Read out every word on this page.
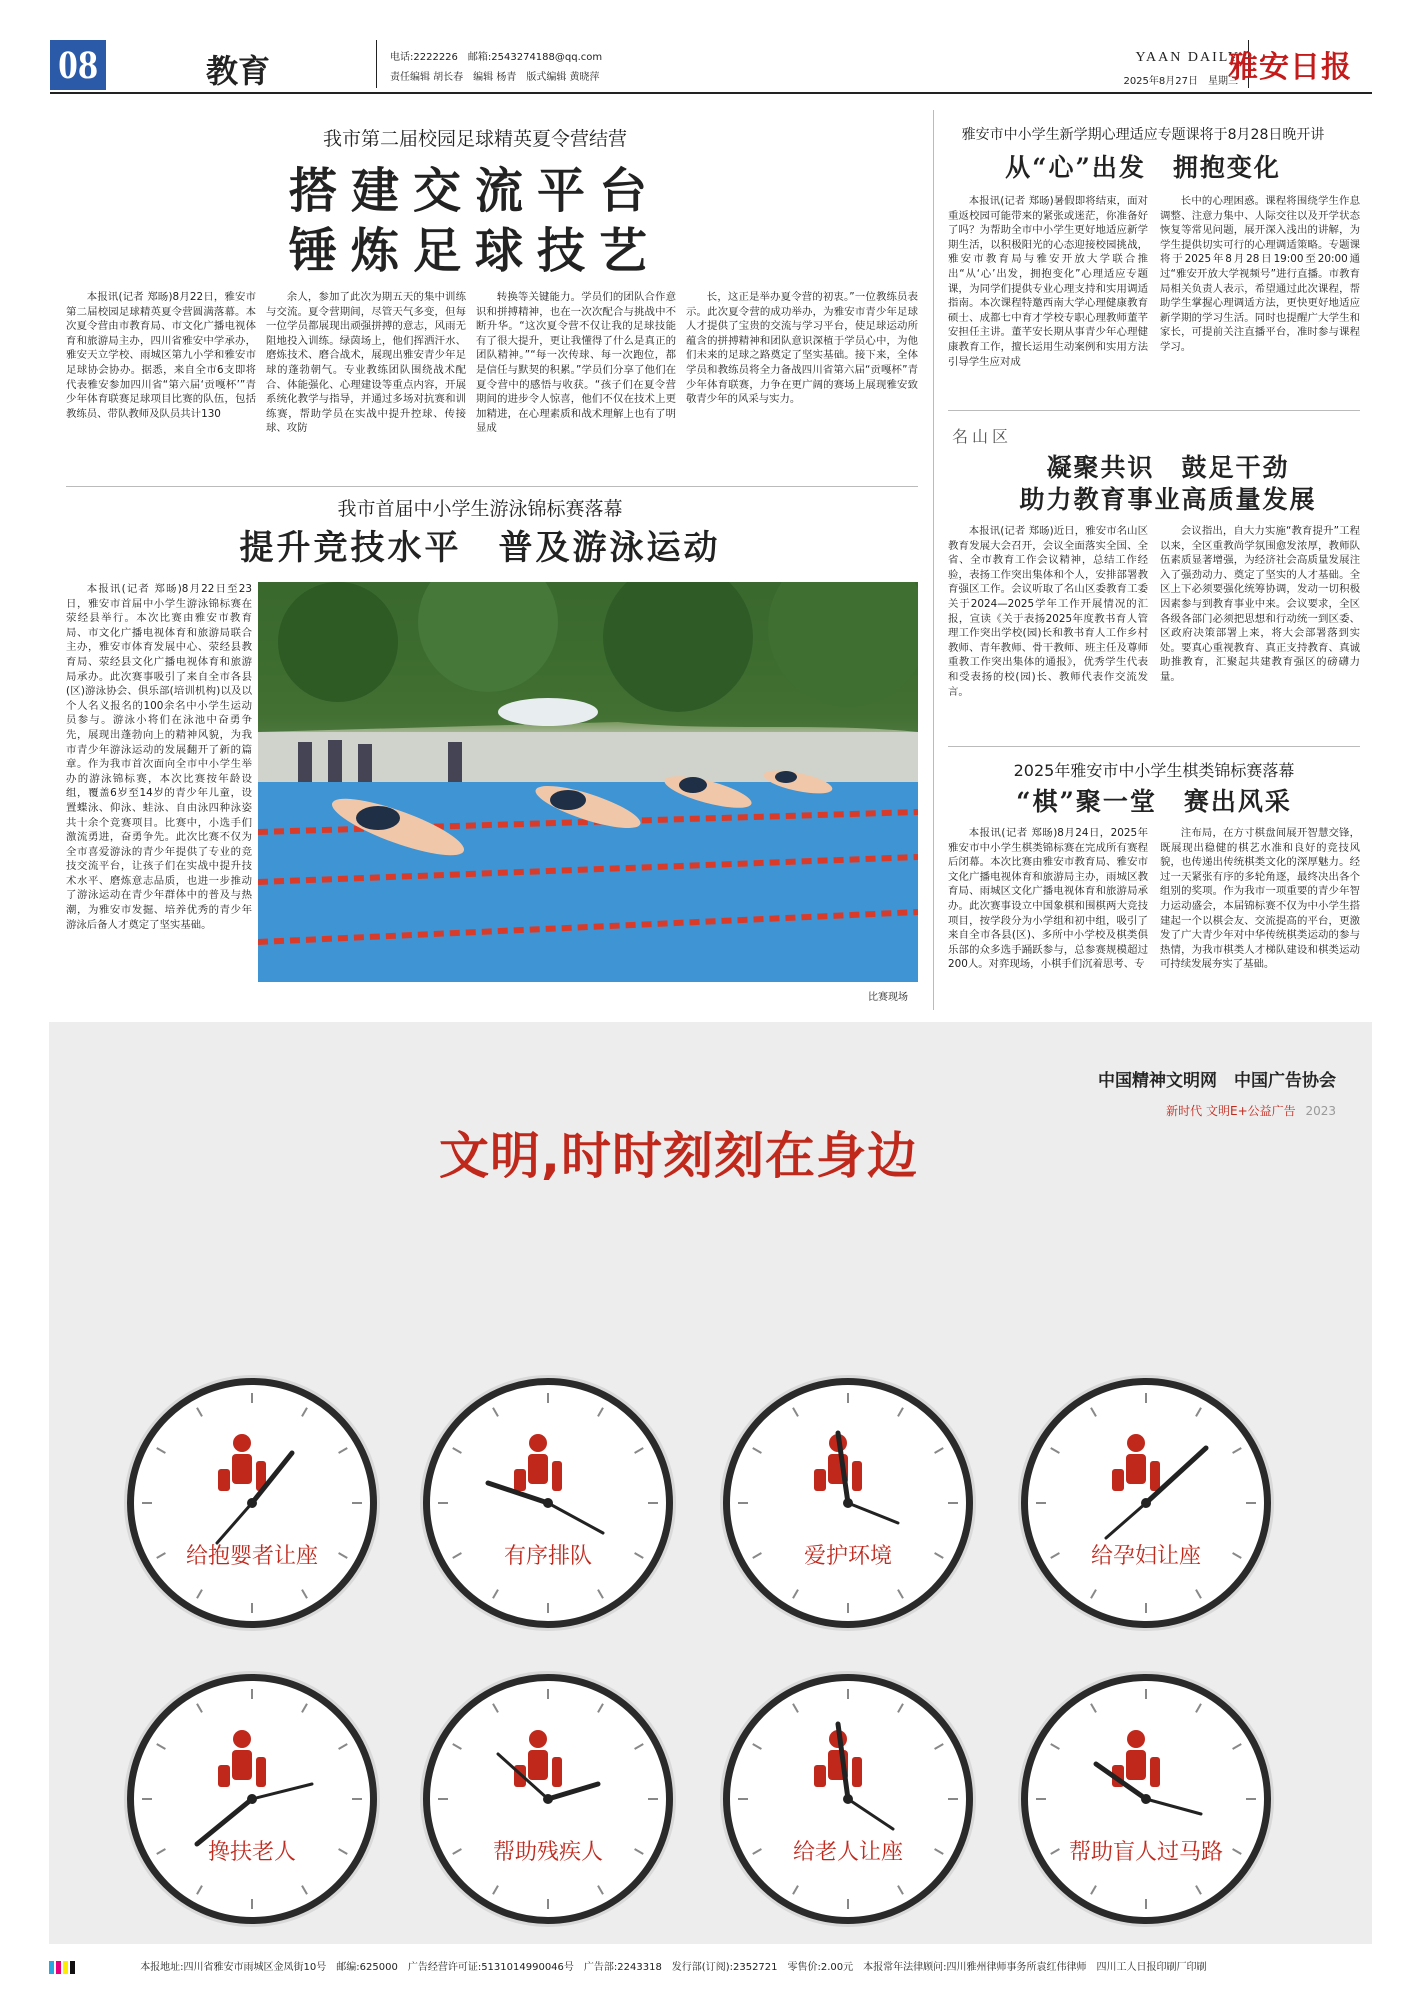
08	教育	电话:2222226　邮箱:2543274188@qq.com
责任编辑 胡长春　编辑 杨青　版式编辑 黄晓萍
YAAN DAILY
2025年8月27日　星期三
雅安日报
我市第二届校园足球精英夏令营结营
搭建交流平台
锤炼足球技艺

本报讯(记者 郑旸)8月22日，雅安市第二届校园足球精英夏令营圆满落幕。本次夏令营由市教育局、市文化广播电视体育和旅游局主办，四川省雅安中学承办，雅安天立学校、雨城区第九小学和雅安市足球协会协办。据悉，来自全市6支即将代表雅安参加四川省“第六届‘贡嘎杯’”青少年体育联赛足球项目比赛的队伍，包括教练员、带队教师及队员共计130

余人，参加了此次为期五天的集中训练与交流。夏令营期间，尽管天气多变，但每一位学员都展现出顽强拼搏的意志，风雨无阻地投入训练。绿茵场上，他们挥洒汗水、磨炼技术、磨合战术，展现出雅安青少年足球的蓬勃朝气。专业教练团队围绕战术配合、体能强化、心理建设等重点内容，开展系统化教学与指导，并通过多场对抗赛和训练赛，帮助学员在实战中提升控球、传接球、攻防

转换等关键能力。学员们的团队合作意识和拼搏精神，也在一次次配合与挑战中不断升华。“这次夏令营不仅让我的足球技能有了很大提升，更让我懂得了什么是真正的团队精神。”“每一次传球、每一次跑位，都是信任与默契的积累。”学员们分享了他们在夏令营中的感悟与收获。“孩子们在夏令营期间的进步令人惊喜，他们不仅在技术上更加精进，在心理素质和战术理解上也有了明显成

长，这正是举办夏令营的初衷。”一位教练员表示。此次夏令营的成功举办，为雅安市青少年足球人才提供了宝贵的交流与学习平台，使足球运动所蕴含的拼搏精神和团队意识深植于学员心中，为他们未来的足球之路奠定了坚实基础。接下来，全体学员和教练员将全力备战四川省第六届“贡嘎杯”青少年体育联赛，力争在更广阔的赛场上展现雅安致敬青少年的风采与实力。

我市首届中小学生游泳锦标赛落幕
提升竞技水平　普及游泳运动

本报讯(记者 郑旸)8月22日至23日，雅安市首届中小学生游泳锦标赛在荥经县举行。本次比赛由雅安市教育局、市文化广播电视体育和旅游局联合主办，雅安市体育发展中心、荥经县教育局、荥经县文化广播电视体育和旅游局承办。此次赛事吸引了来自全市各县(区)游泳协会、俱乐部(培训机构)以及以个人名义报名的100余名中小学生运动员参与。游泳小将们在泳池中奋勇争先，展现出蓬勃向上的精神风貌，为我市青少年游泳运动的发展翻开了新的篇章。作为我市首次面向全市中小学生举办的游泳锦标赛，本次比赛按年龄设组，覆盖6岁至14岁的青少年儿童，设置蝶泳、仰泳、蛙泳、自由泳四种泳姿共十余个竞赛项目。比赛中，小选手们激流勇进，奋勇争先。此次比赛不仅为全市喜爱游泳的青少年提供了专业的竞技交流平台，让孩子们在实战中提升技术水平、磨炼意志品质，也进一步推动了游泳运动在青少年群体中的普及与热潮，为雅安市发掘、培养优秀的青少年游泳后备人才奠定了坚实基础。

比赛现场
雅安市中小学生新学期心理适应专题课将于8月28日晚开讲
从“心”出发　拥抱变化

本报讯(记者 郑旸)暑假即将结束，面对重返校园可能带来的紧张或迷茫，你准备好了吗？为帮助全市中小学生更好地适应新学期生活，以积极阳光的心态迎接校园挑战，雅安市教育局与雅安开放大学联合推出“从‘心’出发，拥抱变化”心理适应专题课，为同学们提供专业心理支持和实用调适指南。本次课程特邀西南大学心理健康教育硕士、成都七中育才学校专职心理教师董芊安担任主讲。董芊安长期从事青少年心理健康教育工作，擅长运用生动案例和实用方法引导学生应对成

长中的心理困惑。课程将围绕学生作息调整、注意力集中、人际交往以及开学状态恢复等常见问题，展开深入浅出的讲解，为学生提供切实可行的心理调适策略。专题课将于2025年8月28日19:00至20:00通过“雅安开放大学视频号”进行直播。市教育局相关负责人表示，希望通过此次课程，帮助学生掌握心理调适方法，更快更好地适应新学期的学习生活。同时也提醒广大学生和家长，可提前关注直播平台，准时参与课程学习。

名山区
凝聚共识　鼓足干劲
助力教育事业高质量发展

本报讯(记者 郑旸)近日，雅安市名山区教育发展大会召开，会议全面落实全国、全省、全市教育工作会议精神，总结工作经验，表扬工作突出集体和个人，安排部署教育强区工作。会议听取了名山区委教育工委关于2024—2025学年工作开展情况的汇报，宣读《关于表扬2025年度教书育人管理工作突出学校(园)长和教书育人工作乡村教师、青年教师、骨干教师、班主任及尊师重教工作突出集体的通报》，优秀学生代表和受表扬的校(园)长、教师代表作交流发言。

会议指出，自大力实施“教育提升”工程以来，全区重教尚学氛围愈发浓厚，教师队伍素质显著增强，为经济社会高质量发展注入了强劲动力、奠定了坚实的人才基础。全区上下必须要强化统筹协调，发动一切积极因素参与到教育事业中来。会议要求，全区各级各部门必须把思想和行动统一到区委、区政府决策部署上来，将大会部署落到实处。要真心重视教育、真正支持教育、真诚助推教育，汇聚起共建教育强区的磅礴力量。

2025年雅安市中小学生棋类锦标赛落幕
“棋”聚一堂　赛出风采

本报讯(记者 郑旸)8月24日，2025年雅安市中小学生棋类锦标赛在完成所有赛程后闭幕。本次比赛由雅安市教育局、雅安市文化广播电视体育和旅游局主办，雨城区教育局、雨城区文化广播电视体育和旅游局承办。此次赛事设立中国象棋和围棋两大竞技项目，按学段分为小学组和初中组，吸引了来自全市各县(区)、多所中小学校及棋类俱乐部的众多选手踊跃参与，总参赛规模超过200人。对弈现场，小棋手们沉着思考、专

注布局，在方寸棋盘间展开智慧交锋，既展现出稳健的棋艺水准和良好的竞技风貌，也传递出传统棋类文化的深厚魅力。经过一天紧张有序的多轮角逐，最终决出各个组别的奖项。作为我市一项重要的青少年智力运动盛会，本届锦标赛不仅为中小学生搭建起一个以棋会友、交流提高的平台，更激发了广大青少年对中华传统棋类运动的参与热情，为我市棋类人才梯队建设和棋类运动可持续发展夯实了基础。

中国精神文明网　中国广告协会
新时代 文明E+公益广告 2023
文明,时时刻刻在身边
给抱婴者让座	有序排队	爱护环境	给孕妇让座
搀扶老人	帮助残疾人	给老人让座	帮助盲人过马路
本报地址:四川省雅安市雨城区金凤街10号　邮编:625000　广告经营许可证:5131014990046号　广告部:2243318　发行部(订阅):2352721　零售价:2.00元　本报常年法律顾问:四川雅州律师事务所袁红伟律师　四川工人日报印刷厂印刷
